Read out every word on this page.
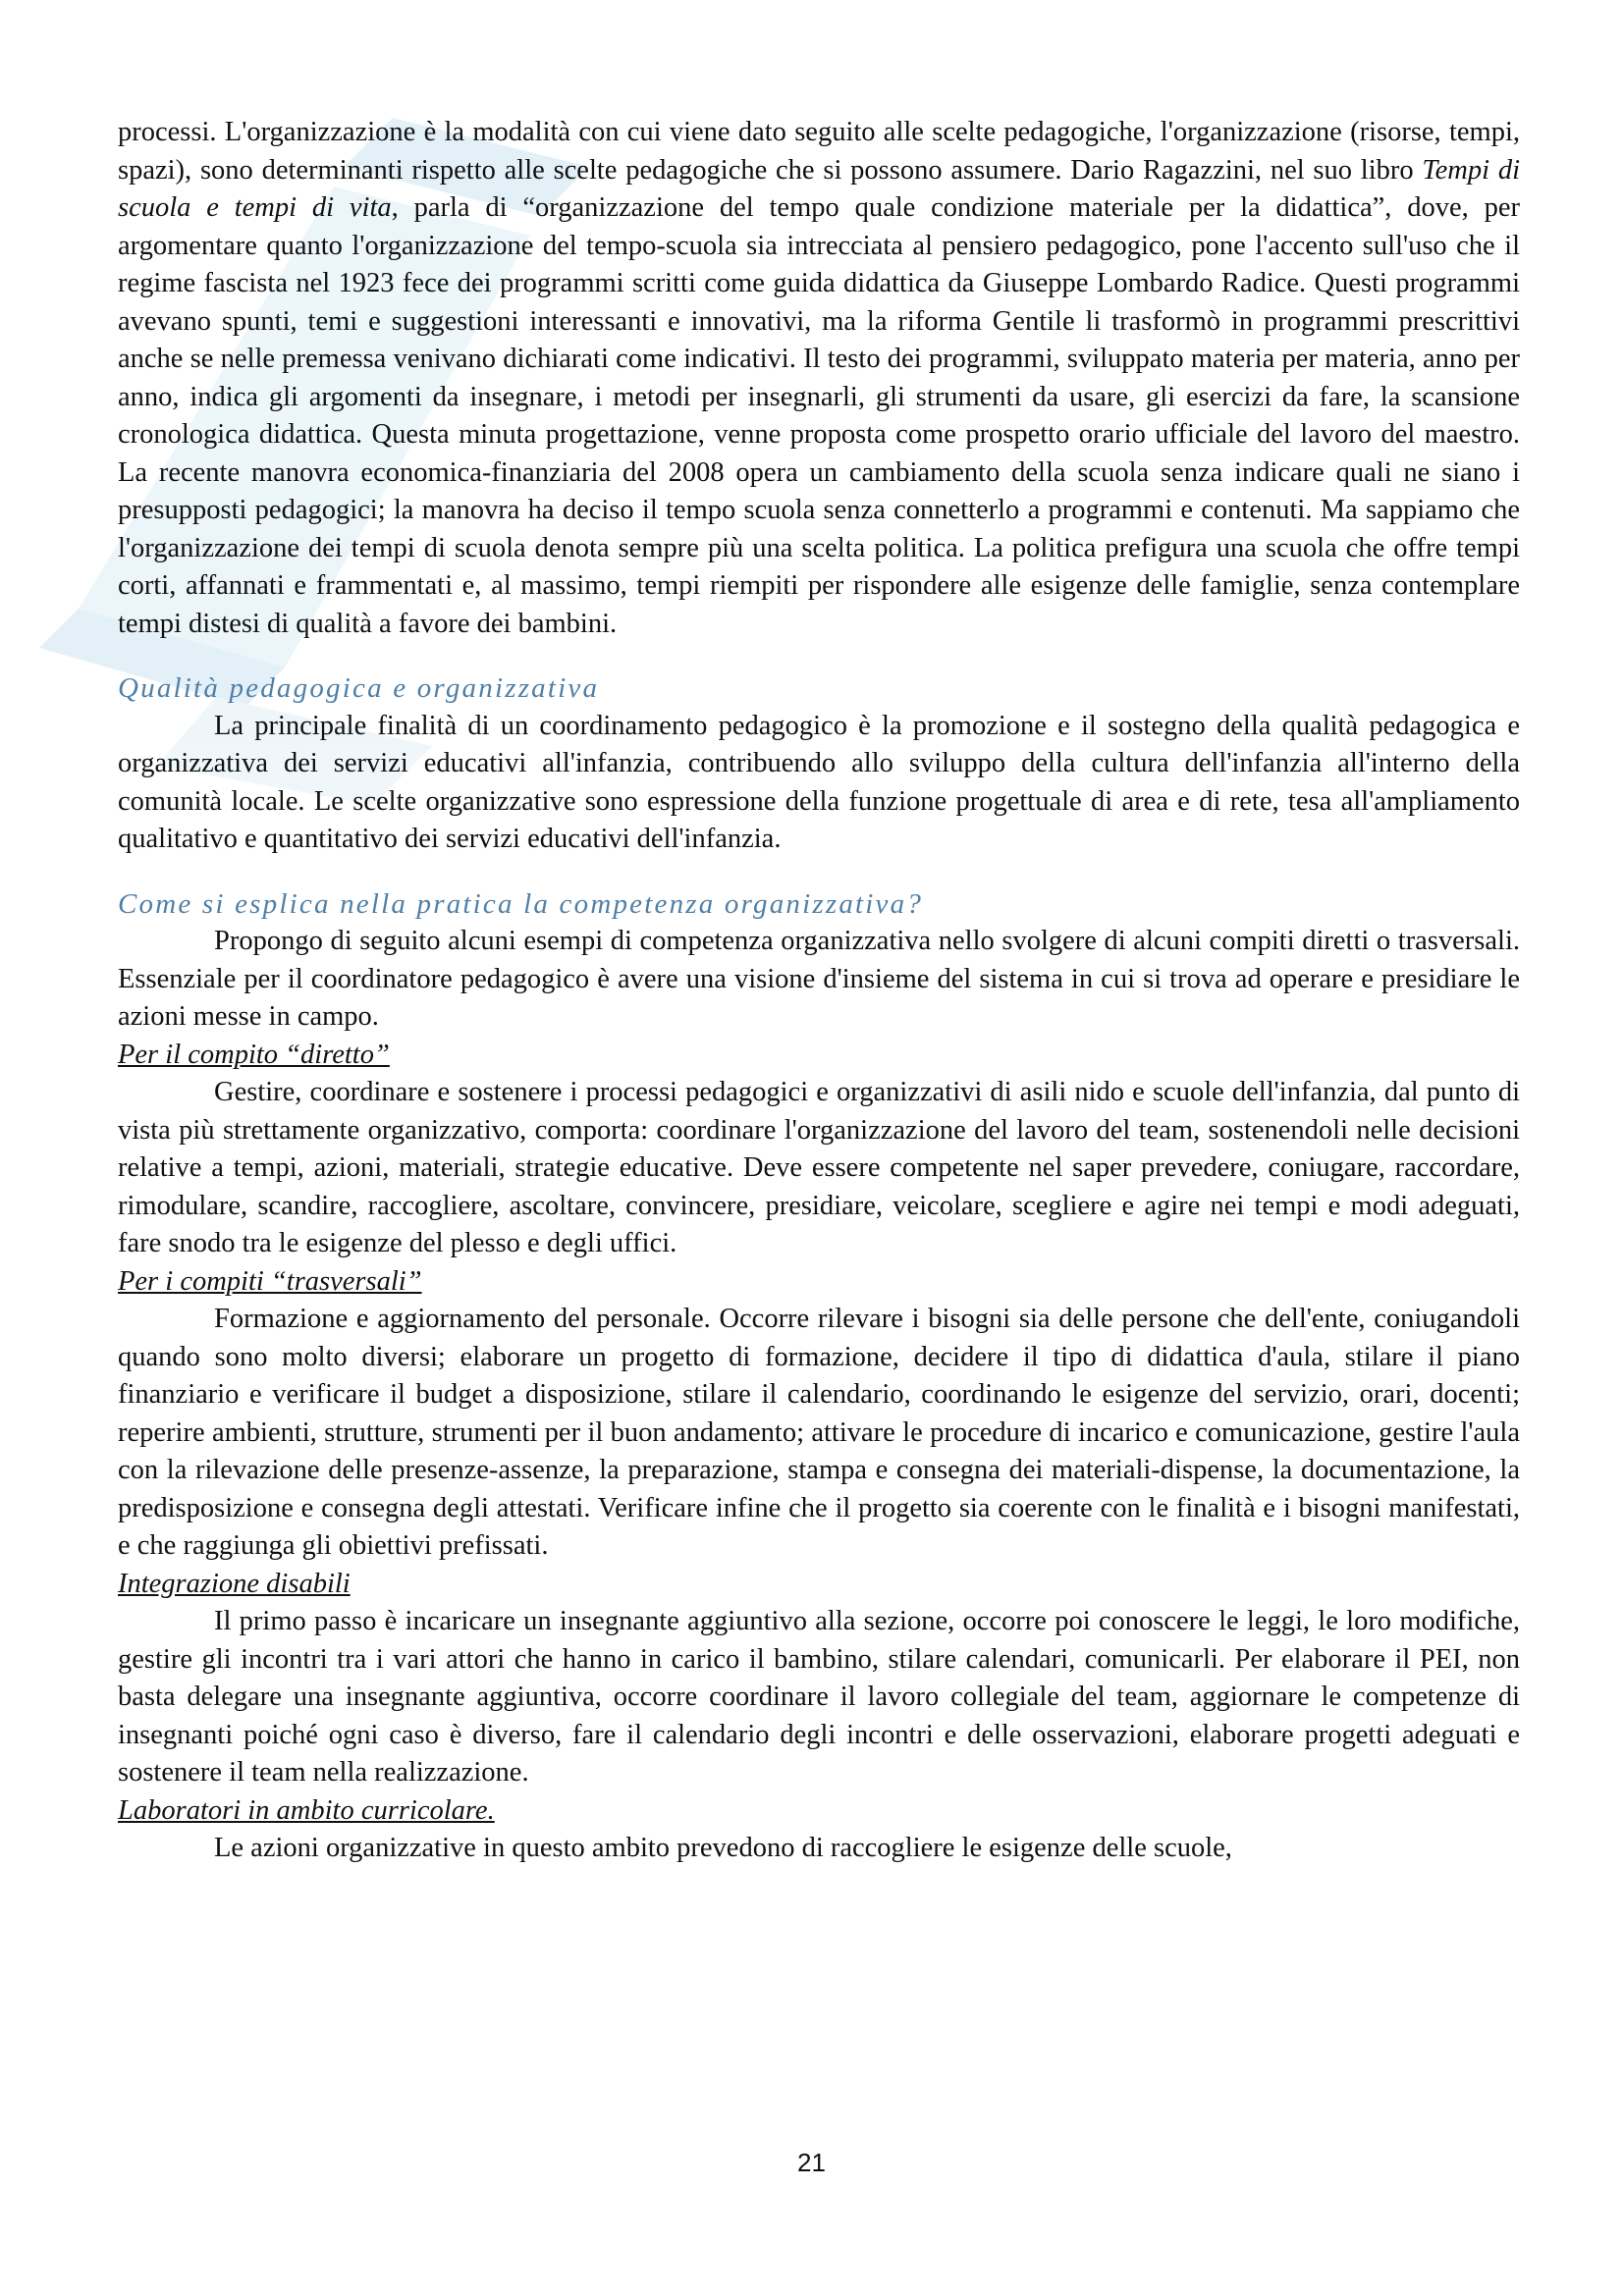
processi. L'organizzazione è la modalità con cui viene dato seguito alle scelte pedagogiche, l'organizzazione (risorse, tempi, spazi), sono determinanti rispetto alle scelte pedagogiche che si possono assumere. Dario Ragazzini, nel suo libro Tempi di scuola e tempi di vita, parla di “organizzazione del tempo quale condizione materiale per la didattica”, dove, per argomentare quanto l'organizzazione del tempo-scuola sia intrecciata al pensiero pedagogico, pone l'accento sull'uso che il regime fascista nel 1923 fece dei programmi scritti come guida didattica da Giuseppe Lombardo Radice. Questi programmi avevano spunti, temi e suggestioni interessanti e innovativi, ma la riforma Gentile li trasformò in programmi prescrittivi anche se nelle premessa venivano dichiarati come indicativi. Il testo dei programmi, sviluppato materia per materia, anno per anno, indica gli argomenti da insegnare, i metodi per insegnarli, gli strumenti da usare, gli esercizi da fare, la scansione cronologica didattica. Questa minuta progettazione, venne proposta come prospetto orario ufficiale del lavoro del maestro. La recente manovra economica-finanziaria del 2008 opera un cambiamento della scuola senza indicare quali ne siano i presupposti pedagogici; la manovra ha deciso il tempo scuola senza connetterlo a programmi e contenuti. Ma sappiamo che l'organizzazione dei tempi di scuola denota sempre più una scelta politica. La politica prefigura una scuola che offre tempi corti, affannati e frammentati e, al massimo, tempi riempiti per rispondere alle esigenze delle famiglie, senza contemplare tempi distesi di qualità a favore dei bambini.

Qualità pedagogica e organizzativa

La principale finalità di un coordinamento pedagogico è la promozione e il sostegno della qualità pedagogica e organizzativa dei servizi educativi all'infanzia, contribuendo allo sviluppo della cultura dell'infanzia all'interno della comunità locale. Le scelte organizzative sono espressione della funzione progettuale di area e di rete, tesa all'ampliamento qualitativo e quantitativo dei servizi educativi dell'infanzia.

Come si esplica nella pratica la competenza organizzativa?

Propongo di seguito alcuni esempi di competenza organizzativa nello svolgere di alcuni compiti diretti o trasversali. Essenziale per il coordinatore pedagogico è avere una visione d'insieme del sistema in cui si trova ad operare e presidiare le azioni messe in campo.

Per il compito “diretto”

Gestire, coordinare e sostenere i processi pedagogici e organizzativi di asili nido e scuole dell'infanzia, dal punto di vista più strettamente organizzativo, comporta: coordinare l'organizzazione del lavoro del team, sostenendoli nelle decisioni relative a tempi, azioni, materiali, strategie educative. Deve essere competente nel saper prevedere, coniugare, raccordare, rimodulare, scandire, raccogliere, ascoltare, convincere, presidiare, veicolare, scegliere e agire nei tempi e modi adeguati, fare snodo tra le esigenze del plesso e degli uffici.

Per i compiti “trasversali”

Formazione e aggiornamento del personale. Occorre rilevare i bisogni sia delle persone che dell'ente, coniugandoli quando sono molto diversi; elaborare un progetto di formazione, decidere il tipo di didattica d'aula, stilare il piano finanziario e verificare il budget a disposizione, stilare il calendario, coordinando le esigenze del servizio, orari, docenti; reperire ambienti, strutture, strumenti per il buon andamento; attivare le procedure di incarico e comunicazione, gestire l'aula con la rilevazione delle presenze-assenze, la preparazione, stampa e consegna dei materiali-dispense, la documentazione, la predisposizione e consegna degli attestati. Verificare infine che il progetto sia coerente con le finalità e i bisogni manifestati, e che raggiunga gli obiettivi prefissati.

Integrazione disabili

Il primo passo è incaricare un insegnante aggiuntivo alla sezione, occorre poi conoscere le leggi, le loro modifiche, gestire gli incontri tra i vari attori che hanno in carico il bambino, stilare calendari, comunicarli. Per elaborare il PEI, non basta delegare una insegnante aggiuntiva, occorre coordinare il lavoro collegiale del team, aggiornare le competenze di insegnanti poiché ogni caso è diverso, fare il calendario degli incontri e delle osservazioni, elaborare progetti adeguati e sostenere il team nella realizzazione.

Laboratori in ambito curricolare.

Le azioni organizzative in questo ambito prevedono di raccogliere le esigenze delle scuole,

21
